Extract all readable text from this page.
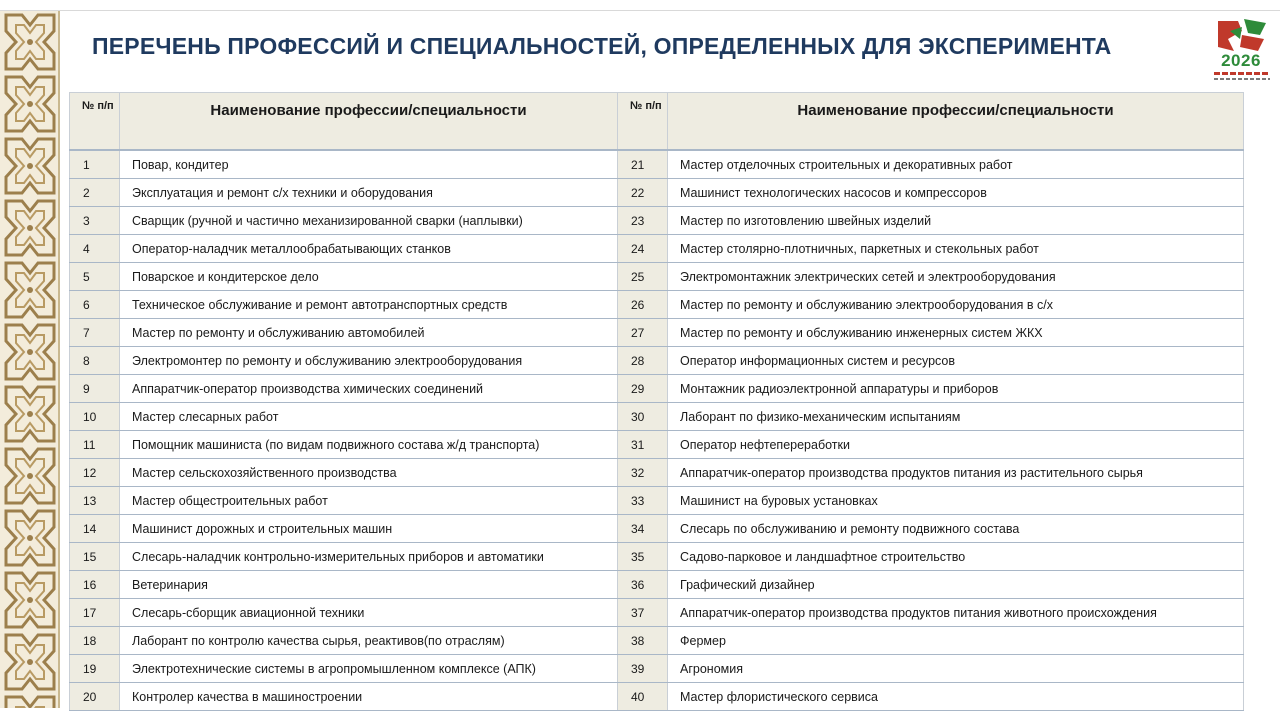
ПЕРЕЧЕНЬ ПРОФЕССИЙ И СПЕЦИАЛЬНОСТЕЙ, ОПРЕДЕЛЕННЫХ ДЛЯ ЭКСПЕРИМЕНТА
2026
№ п/п	Наименование профессии/специальности	№ п/п	Наименование профессии/специальности
1	Повар, кондитер	21	Мастер отделочных строительных и декоративных работ
2	Эксплуатация и ремонт с/х техники и оборудования	22	Машинист технологических насосов и компрессоров
3	Сварщик (ручной и частично механизированной сварки (наплывки)	23	Мастер по изготовлению швейных изделий
4	Оператор-наладчик металлообрабатывающих станков	24	Мастер столярно-плотничных, паркетных и стекольных работ
5	Поварское и кондитерское дело	25	Электромонтажник электрических сетей и электрооборудования
6	Техническое обслуживание и ремонт автотранспортных средств	26	Мастер по ремонту и обслуживанию электрооборудования в с/х
7	Мастер по ремонту и обслуживанию автомобилей	27	Мастер по ремонту и обслуживанию инженерных систем ЖКХ
8	Электромонтер по ремонту и обслуживанию электрооборудования	28	Оператор информационных систем и ресурсов
9	Аппаратчик-оператор производства химических соединений	29	Монтажник радиоэлектронной аппаратуры и приборов
10	Мастер слесарных работ	30	Лаборант по физико-механическим испытаниям
11	Помощник машиниста (по видам подвижного состава ж/д транспорта)	31	Оператор нефтепереработки
12	Мастер сельскохозяйственного производства	32	Аппаратчик-оператор производства продуктов питания из растительного сырья
13	Мастер общестроительных работ	33	Машинист на буровых установках
14	Машинист дорожных и строительных машин	34	Слесарь по обслуживанию и ремонту подвижного состава
15	Слесарь-наладчик контрольно-измерительных приборов и автоматики	35	Садово-парковое и ландшафтное строительство
16	Ветеринария	36	Графический дизайнер
17	Слесарь-сборщик авиационной техники	37	Аппаратчик-оператор производства продуктов питания животного происхождения
18	Лаборант по контролю качества сырья, реактивов(по отраслям)	38	Фермер
19	Электротехнические системы в агропромышленном комплексе (АПК)	39	Агрономия
20	Контролер качества в машиностроении	40	Мастер флористического сервиса
